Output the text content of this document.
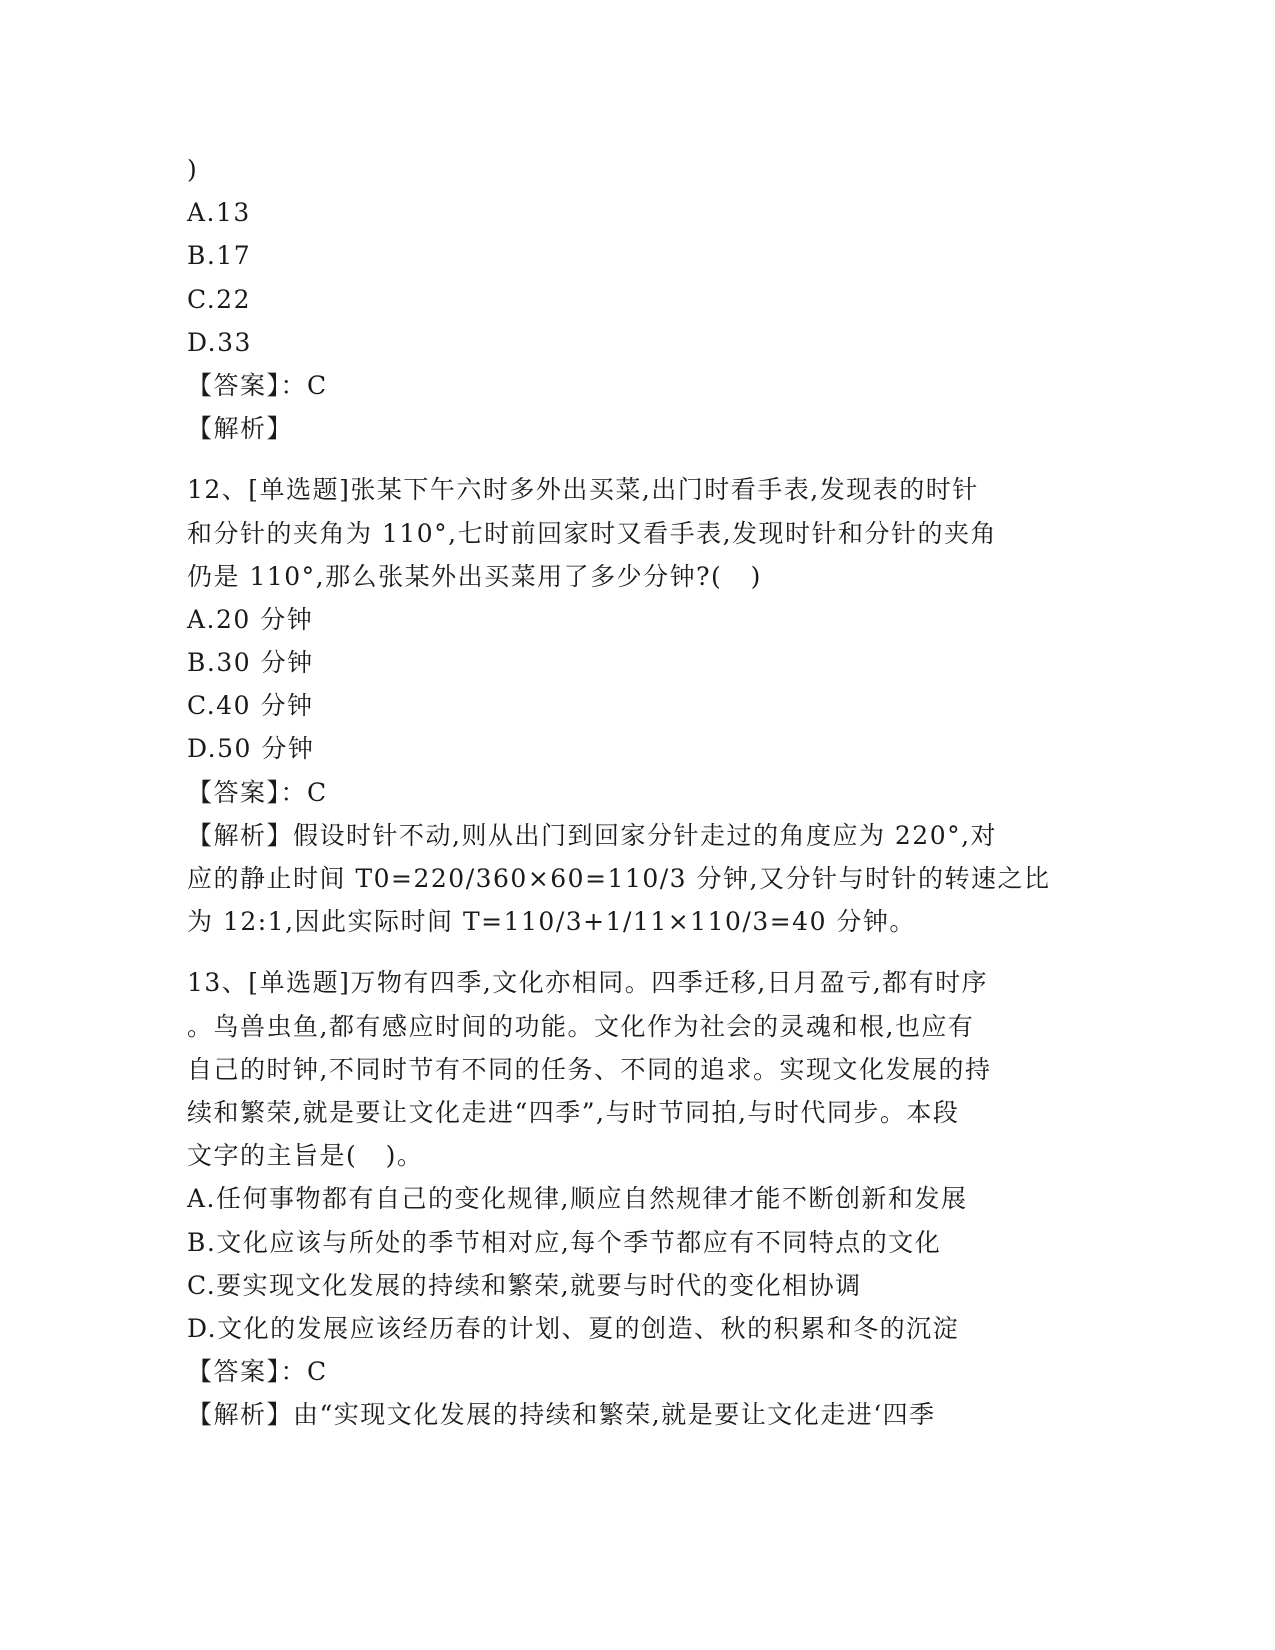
)
A.13
B.17
C.22
D.33
【答案】：C
【解析】
12、[单选题]张某下午六时多外出买菜,出门时看手表,发现表的时针
和分针的夹角为 110°,七时前回家时又看手表,发现时针和分针的夹角
仍是 110°,那么张某外出买菜用了多少分钟?(   )
A.20 分钟
B.30 分钟
C.40 分钟
D.50 分钟
【答案】：C
【解析】假设时针不动,则从出门到回家分针走过的角度应为 220°,对
应的静止时间 T0=220/360×60=110/3 分钟,又分针与时针的转速之比
为 12:1,因此实际时间 T=110/3+1/11×110/3=40 分钟。
13、[单选题]万物有四季,文化亦相同。四季迁移,日月盈亏,都有时序
。鸟兽虫鱼,都有感应时间的功能。文化作为社会的灵魂和根,也应有
自己的时钟,不同时节有不同的任务、不同的追求。实现文化发展的持
续和繁荣,就是要让文化走进“四季”,与时节同拍,与时代同步。本段
文字的主旨是(   )。
A.任何事物都有自己的变化规律,顺应自然规律才能不断创新和发展
B.文化应该与所处的季节相对应,每个季节都应有不同特点的文化
C.要实现文化发展的持续和繁荣,就要与时代的变化相协调
D.文化的发展应该经历春的计划、夏的创造、秋的积累和冬的沉淀
【答案】：C
【解析】由“实现文化发展的持续和繁荣,就是要让文化走进‘四季
